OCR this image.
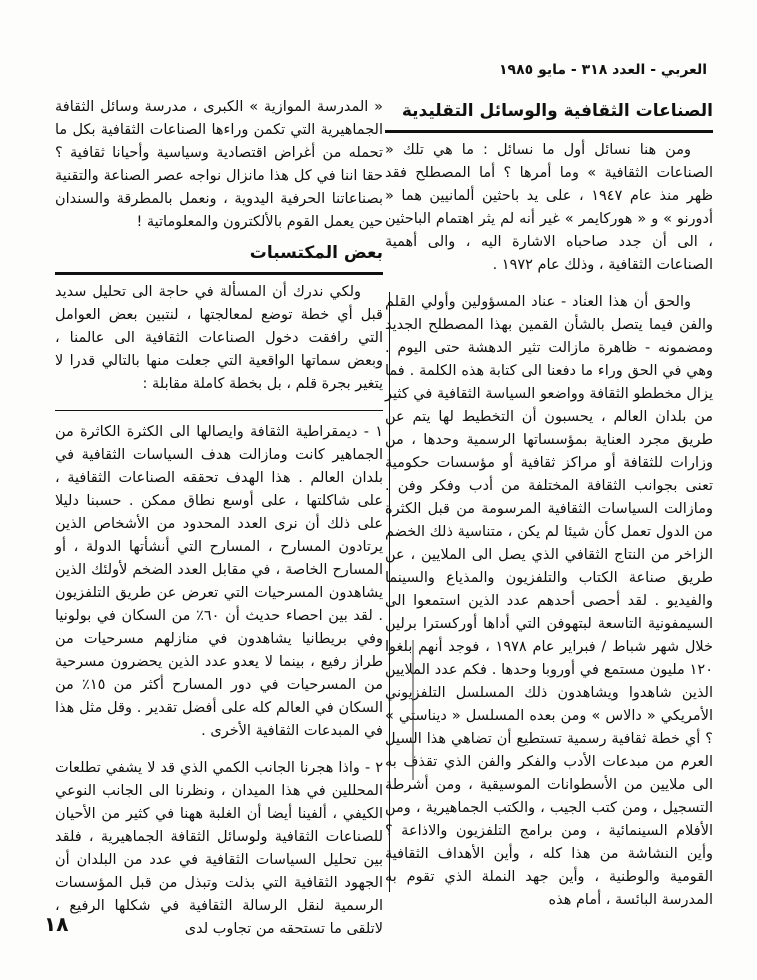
العربي - العدد ٣١٨ - مايو ١٩٨٥
الصناعات الثقافية والوسائل التقليدية

ومن هنا نسائل أول ما نسائل : ما هي تلك « الصناعات الثقافية » وما أمرها ؟ أما المصطلح فقد ظهر منذ عام ١٩٤٧ ، على يد باحثين ألمانيين هما « أدورنو » و « هوركايمر » غير أنه لم يثر اهتمام الباحثين ، الى أن جدد صاحباه الاشارة اليه ، والى أهمية الصناعات الثقافية ، وذلك عام ١٩٧٢ .

والحق أن هذا العناد - عناد المسؤولين وأولي القلم والفن فيما يتصل بالشأن القمين بهذا المصطلح الجديد ومضمونه - ظاهرة مازالت تثير الدهشة حتى اليوم . وهي في الحق وراء ما دفعنا الى كتابة هذه الكلمة . فما يزال مخططو الثقافة وواضعو السياسة الثقافية في كثير من بلدان العالم ، يحسبون أن التخطيط لها يتم عن طريق مجرد العناية بمؤسساتها الرسمية وحدها ، من وزارات للثقافة أو مراكز ثقافية أو مؤسسات حكومية تعنى بجوانب الثقافة المختلفة من أدب وفكر وفن . ومازالت السياسات الثقافية المرسومة من قبل الكثرة من الدول تعمل كأن شيئا لم يكن ، متناسية ذلك الخضم الزاخر من النتاج الثقافي الذي يصل الى الملايين ، عن طريق صناعة الكتاب والتلفزيون والمذياع والسينما والفيديو . لقد أحصى أحدهم عدد الذين استمعوا الى السيمفونية التاسعة لبتهوفن التي أداها أوركسترا برلين خلال شهر شباط / فبراير عام ١٩٧٨ ، فوجد أنهم بلغوا ١٢٠ مليون مستمع في أوروبا وحدها . فكم عدد الملايين الذين شاهدوا ويشاهدون ذلك المسلسل التلفزيوني الأمريكي « دالاس » ومن بعده المسلسل « ديناستي » ؟ أي خطة ثقافية رسمية تستطيع أن تضاهي هذا السيل العرم من مبدعات الأدب والفكر والفن الذي تقذف به الى ملايين من الأسطوانات الموسيقية ، ومن أشرطة التسجيل ، ومن كتب الجيب ، والكتب الجماهيرية ، ومن الأفلام السينمائية ، ومن برامج التلفزيون والاذاعة ؟ وأين النشاشة من هذا كله ، وأين الأهداف الثقافية القومية والوطنية ، وأين جهد النملة الذي تقوم به المدرسة البائسة ، أمام هذه

« المدرسة الموازية » الكبرى ، مدرسة وسائل الثقافة الجماهيرية التي تكمن وراءها الصناعات الثقافية بكل ما تحمله من أغراض اقتصادية وسياسية وأحيانا ثقافية ؟ حقا اننا في كل هذا مانزال نواجه عصر الصناعة والتقنية بصناعاتنا الحرفية اليدوية ، ونعمل بالمطرقة والسندان حين يعمل القوم بالألكترون والمعلوماتية !

بعض المكتسبات

ولكي ندرك أن المسألة في حاجة الى تحليل سديد قبل أي خطة توضع لمعالجتها ، لنتبين بعض العوامل التي رافقت دخول الصناعات الثقافية الى عالمنا ، وبعض سماتها الواقعية التي جعلت منها بالتالي قدرا لا يتغير بجرة قلم ، بل بخطة كاملة مقابلة :

١ - ديمقراطية الثقافة وايصالها الى الكثرة الكاثرة من الجماهير كانت ومازالت هدف السياسات الثقافية في بلدان العالم . هذا الهدف تحققه الصناعات الثقافية ، على شاكلتها ، على أوسع نطاق ممكن . حسبنا دليلا على ذلك أن نرى العدد المحدود من الأشخاص الذين يرتادون المسارح ، المسارح التي أنشأتها الدولة ، أو المسارح الخاصة ، في مقابل العدد الضخم لأولئك الذين يشاهدون المسرحيات التي تعرض عن طريق التلفزيون . لقد بين احصاء حديث أن ٦٠٪ من السكان في بولونيا وفي بريطانيا يشاهدون في منازلهم مسرحيات من طراز رفيع ، بينما لا يعدو عدد الذين يحضرون مسرحية من المسرحيات في دور المسارح أكثر من ١٥٪ من السكان في العالم كله على أفضل تقدير . وقل مثل هذا في المبدعات الثقافية الأخرى .

٢ - واذا هجرنا الجانب الكمي الذي قد لا يشفي تطلعات المحللين في هذا الميدان ، ونظرنا الى الجانب النوعي الكيفي ، ألفينا أيضا أن الغلبة ههنا في كثير من الأحيان للصناعات الثقافية ولوسائل الثقافة الجماهيرية ، فلقد بين تحليل السياسات الثقافية في عدد من البلدان أن الجهود الثقافية التي بذلت وتبذل من قبل المؤسسات الرسمية لنقل الرسالة الثقافية في شكلها الرفيع ، لاتلقى ما تستحقه من تجاوب لدى

١٨
